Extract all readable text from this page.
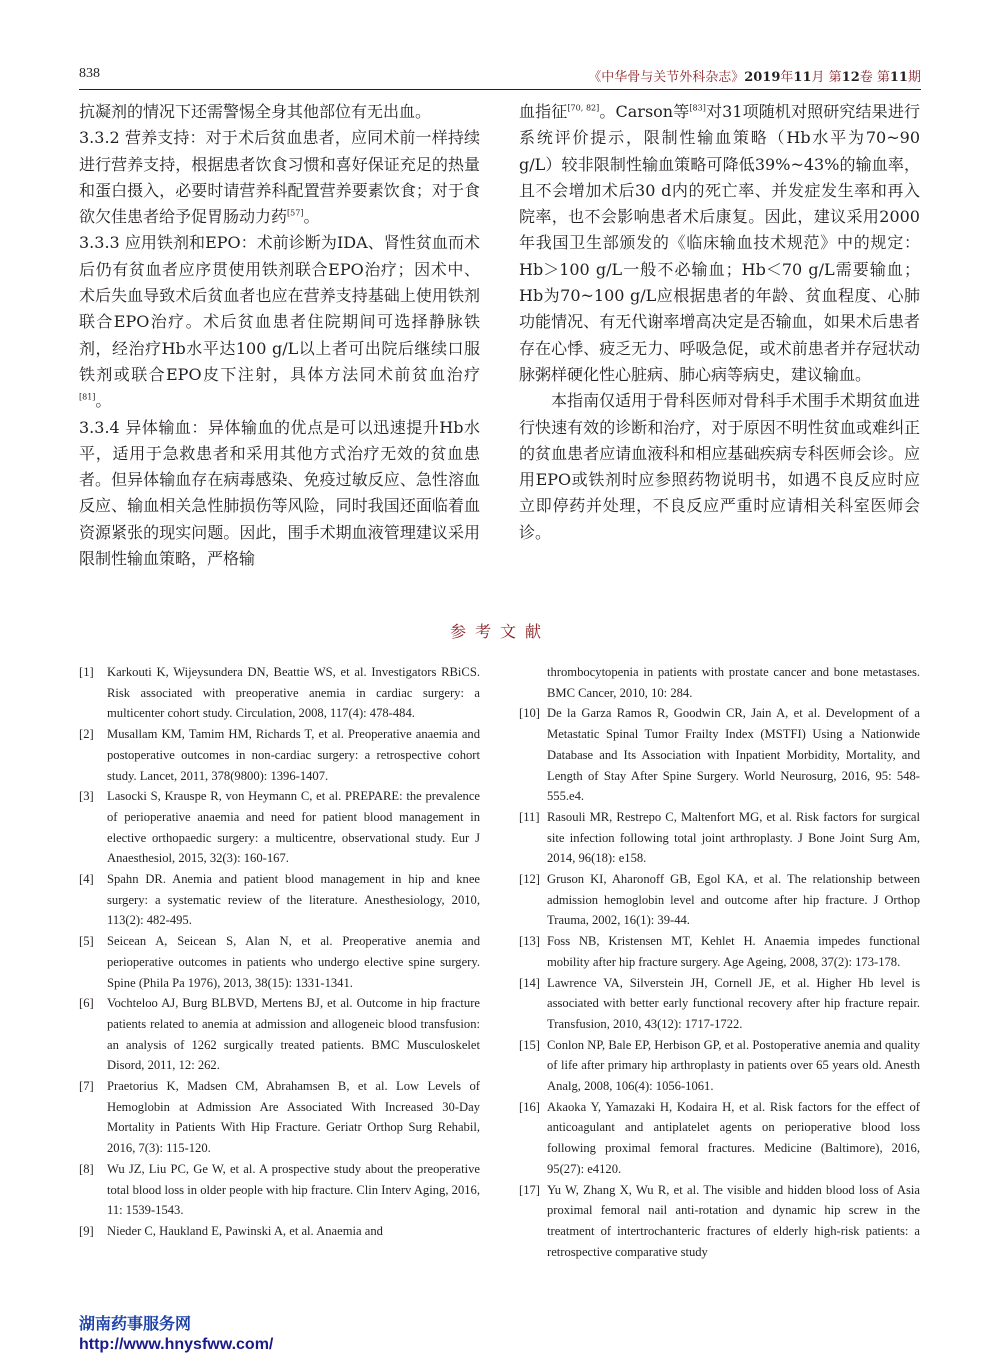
838	《中华骨与关节外科杂志》2019年11月 第12卷 第11期

抗凝剂的情况下还需警惕全身其他部位有无出血。

3.3.2 营养支持：对于术后贫血患者，应同术前一样持续进行营养支持，根据患者饮食习惯和喜好保证充足的热量和蛋白摄入，必要时请营养科配置营养要素饮食；对于食欲欠佳患者给予促胃肠动力药[57]。

3.3.3 应用铁剂和EPO：术前诊断为IDA、肾性贫血而术后仍有贫血者应序贯使用铁剂联合EPO治疗；因术中、术后失血导致术后贫血者也应在营养支持基础上使用铁剂联合EPO治疗。术后贫血患者住院期间可选择静脉铁剂，经治疗Hb水平达100 g/L以上者可出院后继续口服铁剂或联合EPO皮下注射，具体方法同术前贫血治疗[81]。

3.3.4 异体输血：异体输血的优点是可以迅速提升Hb水平，适用于急救患者和采用其他方式治疗无效的贫血患者。但异体输血存在病毒感染、免疫过敏反应、急性溶血反应、输血相关急性肺损伤等风险，同时我国还面临着血资源紧张的现实问题。因此，围手术期血液管理建议采用限制性输血策略，严格输

血指征[70, 82]。Carson等[83]对31项随机对照研究结果进行系统评价提示，限制性输血策略（Hb水平为70~90 g/L）较非限制性输血策略可降低39%~43%的输血率，且不会增加术后30 d内的死亡率、并发症发生率和再入院率，也不会影响患者术后康复。因此，建议采用2000年我国卫生部颁发的《临床输血技术规范》中的规定：Hb＞100 g/L一般不必输血；Hb＜70 g/L需要输血；Hb为70~100 g/L应根据患者的年龄、贫血程度、心肺功能情况、有无代谢率增高决定是否输血，如果术后患者存在心悸、疲乏无力、呼吸急促，或术前患者并存冠状动脉粥样硬化性心脏病、肺心病等病史，建议输血。

本指南仅适用于骨科医师对骨科手术围手术期贫血进行快速有效的诊断和治疗，对于原因不明性贫血或难纠正的贫血患者应请血液科和相应基础疾病专科医师会诊。应用EPO或铁剂时应参照药物说明书，如遇不良反应时应立即停药并处理，不良反应严重时应请相关科室医师会诊。

参考文献
[1] Karkouti K, Wijeysundera DN, Beattie WS, et al. Investigators RBiCS. Risk associated with preoperative anemia in cardiac surgery: a multicenter cohort study. Circulation, 2008, 117(4): 478-484.
[2] Musallam KM, Tamim HM, Richards T, et al. Preoperative anaemia and postoperative outcomes in non-cardiac surgery: a retrospective cohort study. Lancet, 2011, 378(9800): 1396-1407.
[3] Lasocki S, Krauspe R, von Heymann C, et al. PREPARE: the prevalence of perioperative anaemia and need for patient blood management in elective orthopaedic surgery: a multicentre, observational study. Eur J Anaesthesiol, 2015, 32(3): 160-167.
[4] Spahn DR. Anemia and patient blood management in hip and knee surgery: a systematic review of the literature. Anesthesiology, 2010, 113(2): 482-495.
[5] Seicean A, Seicean S, Alan N, et al. Preoperative anemia and perioperative outcomes in patients who undergo elective spine surgery. Spine (Phila Pa 1976), 2013, 38(15): 1331-1341.
[6] Vochteloo AJ, Burg BLBVD, Mertens BJ, et al. Outcome in hip fracture patients related to anemia at admission and allogeneic blood transfusion: an analysis of 1262 surgically treated patients. BMC Musculoskelet Disord, 2011, 12: 262.
[7] Praetorius K, Madsen CM, Abrahamsen B, et al. Low Levels of Hemoglobin at Admission Are Associated With Increased 30-Day Mortality in Patients With Hip Fracture. Geriatr Orthop Surg Rehabil, 2016, 7(3): 115-120.
[8] Wu JZ, Liu PC, Ge W, et al. A prospective study about the preoperative total blood loss in older people with hip fracture. Clin Interv Aging, 2016, 11: 1539-1543.
[9] Nieder C, Haukland E, Pawinski A, et al. Anaemia and
thrombocytopenia in patients with prostate cancer and bone metastases. BMC Cancer, 2010, 10: 284.
[10] De la Garza Ramos R, Goodwin CR, Jain A, et al. Development of a Metastatic Spinal Tumor Frailty Index (MSTFI) Using a Nationwide Database and Its Association with Inpatient Morbidity, Mortality, and Length of Stay After Spine Surgery. World Neurosurg, 2016, 95: 548-555.e4.
[11] Rasouli MR, Restrepo C, Maltenfort MG, et al. Risk factors for surgical site infection following total joint arthroplasty. J Bone Joint Surg Am, 2014, 96(18): e158.
[12] Gruson KI, Aharonoff GB, Egol KA, et al. The relationship between admission hemoglobin level and outcome after hip fracture. J Orthop Trauma, 2002, 16(1): 39-44.
[13] Foss NB, Kristensen MT, Kehlet H. Anaemia impedes functional mobility after hip fracture surgery. Age Ageing, 2008, 37(2): 173-178.
[14] Lawrence VA, Silverstein JH, Cornell JE, et al. Higher Hb level is associated with better early functional recovery after hip fracture repair. Transfusion, 2010, 43(12): 1717-1722.
[15] Conlon NP, Bale EP, Herbison GP, et al. Postoperative anemia and quality of life after primary hip arthroplasty in patients over 65 years old. Anesth Analg, 2008, 106(4): 1056-1061.
[16] Akaoka Y, Yamazaki H, Kodaira H, et al. Risk factors for the effect of anticoagulant and antiplatelet agents on perioperative blood loss following proximal femoral fractures. Medicine (Baltimore), 2016, 95(27): e4120.
[17] Yu W, Zhang X, Wu R, et al. The visible and hidden blood loss of Asia proximal femoral nail anti-rotation and dynamic hip screw in the treatment of intertrochanteric fractures of elderly high-risk patients: a retrospective comparative study
湖南药事服务网
http://www.hnysfww.com/
